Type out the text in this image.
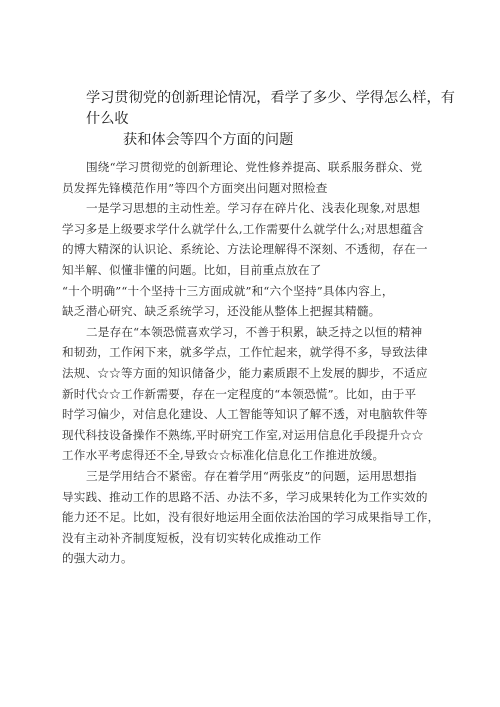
学习贯彻党的创新理论情况，看学了多少、学得怎么样，有什么收
获和体会等四个方面的问题
围绕“学习贯彻党的创新理论、党性修养提高、联系服务群众、党
员发挥先锋模范作用”等四个方面突出问题对照检查
一是学习思想的主动性差。学习存在碎片化、浅表化现象,对思想
学习多是上级要求学什么就学什么,工作需要什么就学什么;对思想蕴含
的博大精深的认识论、系统论、方法论理解得不深刻、不透彻，存在一
知半解、似懂非懂的问题。比如，目前重点放在了
“十个明确”“十个坚持十三方面成就”和“六个坚持”具体内容上，
缺乏潜心研究、缺乏系统学习，还没能从整体上把握其精髓。
二是存在“本领恐慌喜欢学习，不善于积累，缺乏持之以恒的精神
和韧劲，工作闲下来，就多学点，工作忙起来，就学得不多，导致法律
法规、☆☆等方面的知识储备少，能力素质跟不上发展的脚步，不适应
新时代☆☆工作新需要，存在一定程度的“本领恐慌”。比如，由于平
时学习偏少，对信息化建设、人工智能等知识了解不透，对电脑软件等
现代科技设备操作不熟练,平时研究工作室,对运用信息化手段提升☆☆
工作水平考虑得还不全,导致☆☆标准化信息化工作推进放缓。
三是学用结合不紧密。存在着学用“两张皮”的问题，运用思想指
导实践、推动工作的思路不活、办法不多，学习成果转化为工作实效的
能力还不足。比如，没有很好地运用全面依法治国的学习成果指导工作，
没有主动补齐制度短板，没有切实转化成推动工作
的强大动力。
